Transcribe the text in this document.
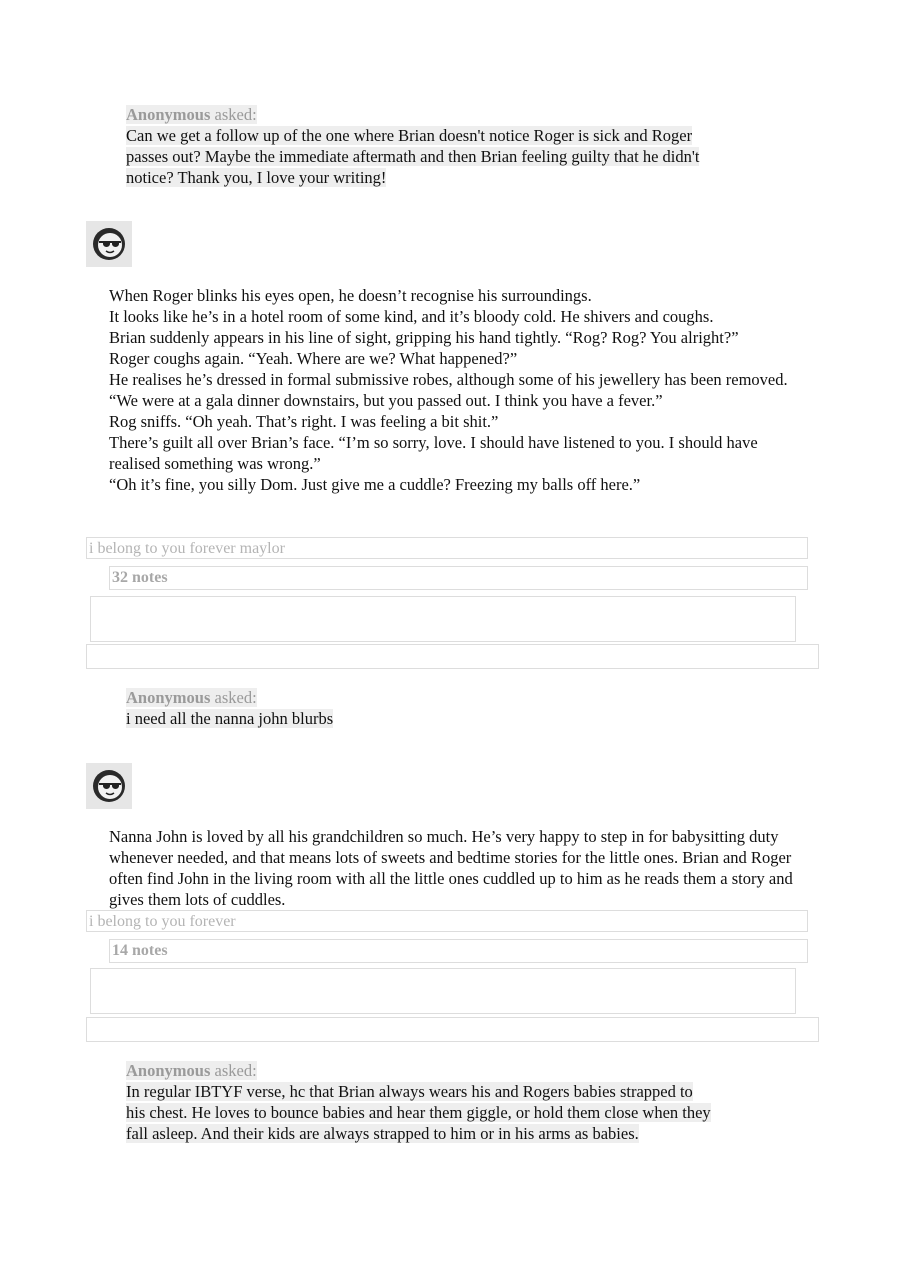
Anonymous asked:
Can we get a follow up of the one where Brian doesn't notice Roger is sick and Roger passes out? Maybe the immediate aftermath and then Brian feeling guilty that he didn't notice? Thank you, I love your writing!

When Roger blinks his eyes open, he doesn’t recognise his surroundings.

It looks like he’s in a hotel room of some kind, and it’s bloody cold. He shivers and coughs.

Brian suddenly appears in his line of sight, gripping his hand tightly. “Rog? Rog? You alright?”

Roger coughs again. “Yeah. Where are we? What happened?”

He realises he’s dressed in formal submissive robes, although some of his jewellery has been removed.

“We were at a gala dinner downstairs, but you passed out. I think you have a fever.”

Rog sniffs. “Oh yeah. That’s right. I was feeling a bit shit.”

There’s guilt all over Brian’s face. “I’m so sorry, love. I should have listened to you. I should have realised something was wrong.”

“Oh it’s fine, you silly Dom. Just give me a cuddle? Freezing my balls off here.”

i belong to you forever maylor
32 notes
Anonymous asked:
i need all the nanna john blurbs

Nanna John is loved by all his grandchildren so much. He’s very happy to step in for babysitting duty whenever needed, and that means lots of sweets and bedtime stories for the little ones. Brian and Roger often find John in the living room with all the little ones cuddled up to him as he reads them a story and gives them lots of cuddles.

i belong to you forever
14 notes
Anonymous asked:
In regular IBTYF verse, hc that Brian always wears his and Rogers babies strapped to his chest. He loves to bounce babies and hear them giggle, or hold them close when they fall asleep. And their kids are always strapped to him or in his arms as babies.
